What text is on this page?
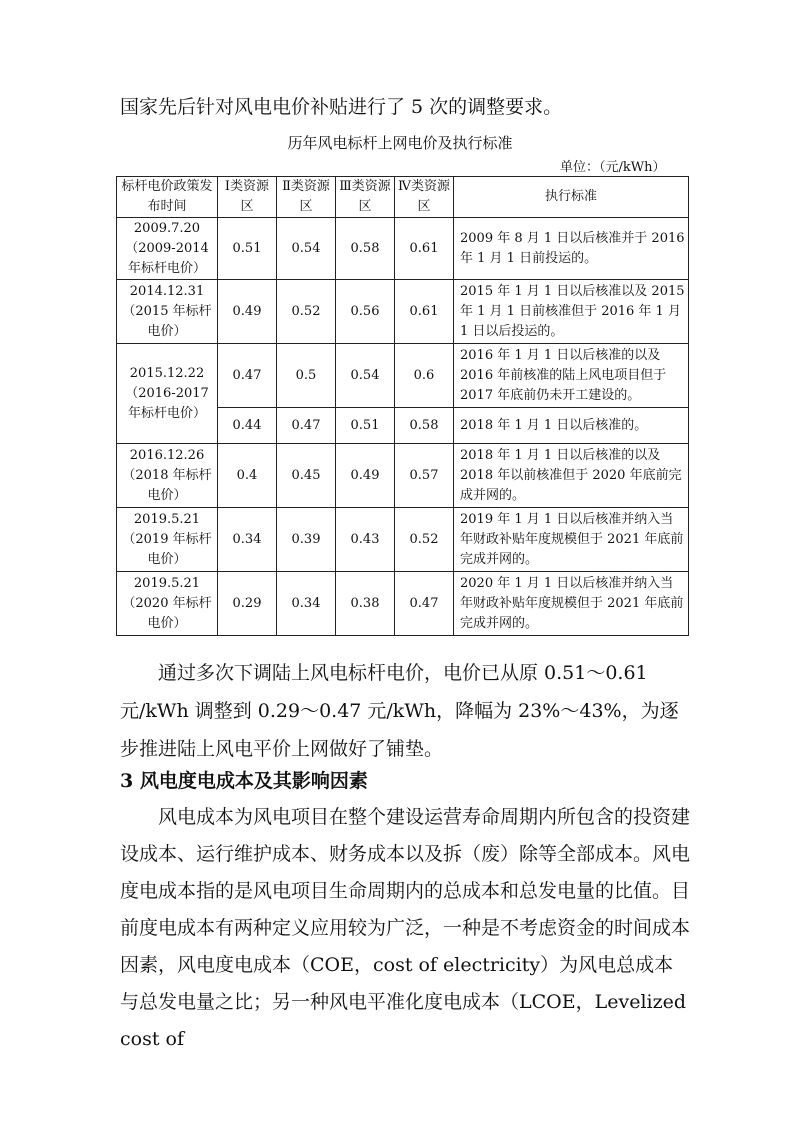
国家先后针对风电电价补贴进行了 5 次的调整要求。
历年风电标杆上网电价及执行标准
单位：（元/kWh）
标杆电价政策发布时间	Ⅰ类资源区	Ⅱ类资源区	Ⅲ类资源区	Ⅳ类资源区	执行标准
2009.7.20（2009-2014年标杆电价）	0.51	0.54	0.58	0.61	2009 年 8 月 1 日以后核准并于 2016 年 1 月 1 日前投运的。
2014.12.31（2015 年标杆电价）	0.49	0.52	0.56	0.61	2015 年 1 月 1 日以后核准以及 2015 年 1 月 1 日前核准但于 2016 年 1 月 1 日以后投运的。
2015.12.22（2016-2017年标杆电价）	0.47	0.5	0.54	0.6	2016 年 1 月 1 日以后核准的以及 2016 年前核准的陆上风电项目但于 2017 年底前仍未开工建设的。
	0.44	0.47	0.51	0.58	2018 年 1 月 1 日以后核准的。
2016.12.26（2018 年标杆电价）	0.4	0.45	0.49	0.57	2018 年 1 月 1 日以后核准的以及 2018 年以前核准但于 2020 年底前完成并网的。
2019.5.21（2019 年标杆电价）	0.34	0.39	0.43	0.52	2019 年 1 月 1 日以后核准并纳入当年财政补贴年度规模但于 2021 年底前完成并网的。
2019.5.21（2020 年标杆电价）	0.29	0.34	0.38	0.47	2020 年 1 月 1 日以后核准并纳入当年财政补贴年度规模但于 2021 年底前完成并网的。
通过多次下调陆上风电标杆电价，电价已从原 0.51～0.61 元/kWh 调整到 0.29～0.47 元/kWh，降幅为 23%～43%，为逐步推进陆上风电平价上网做好了铺垫。
3 风电度电成本及其影响因素
风电成本为风电项目在整个建设运营寿命周期内所包含的投资建设成本、运行维护成本、财务成本以及拆（废）除等全部成本。风电度电成本指的是风电项目生命周期内的总成本和总发电量的比值。目前度电成本有两种定义应用较为广泛，一种是不考虑资金的时间成本因素，风电度电成本（COE，cost of electricity）为风电总成本与总发电量之比；另一种风电平准化度电成本（LCOE，Levelized cost of
